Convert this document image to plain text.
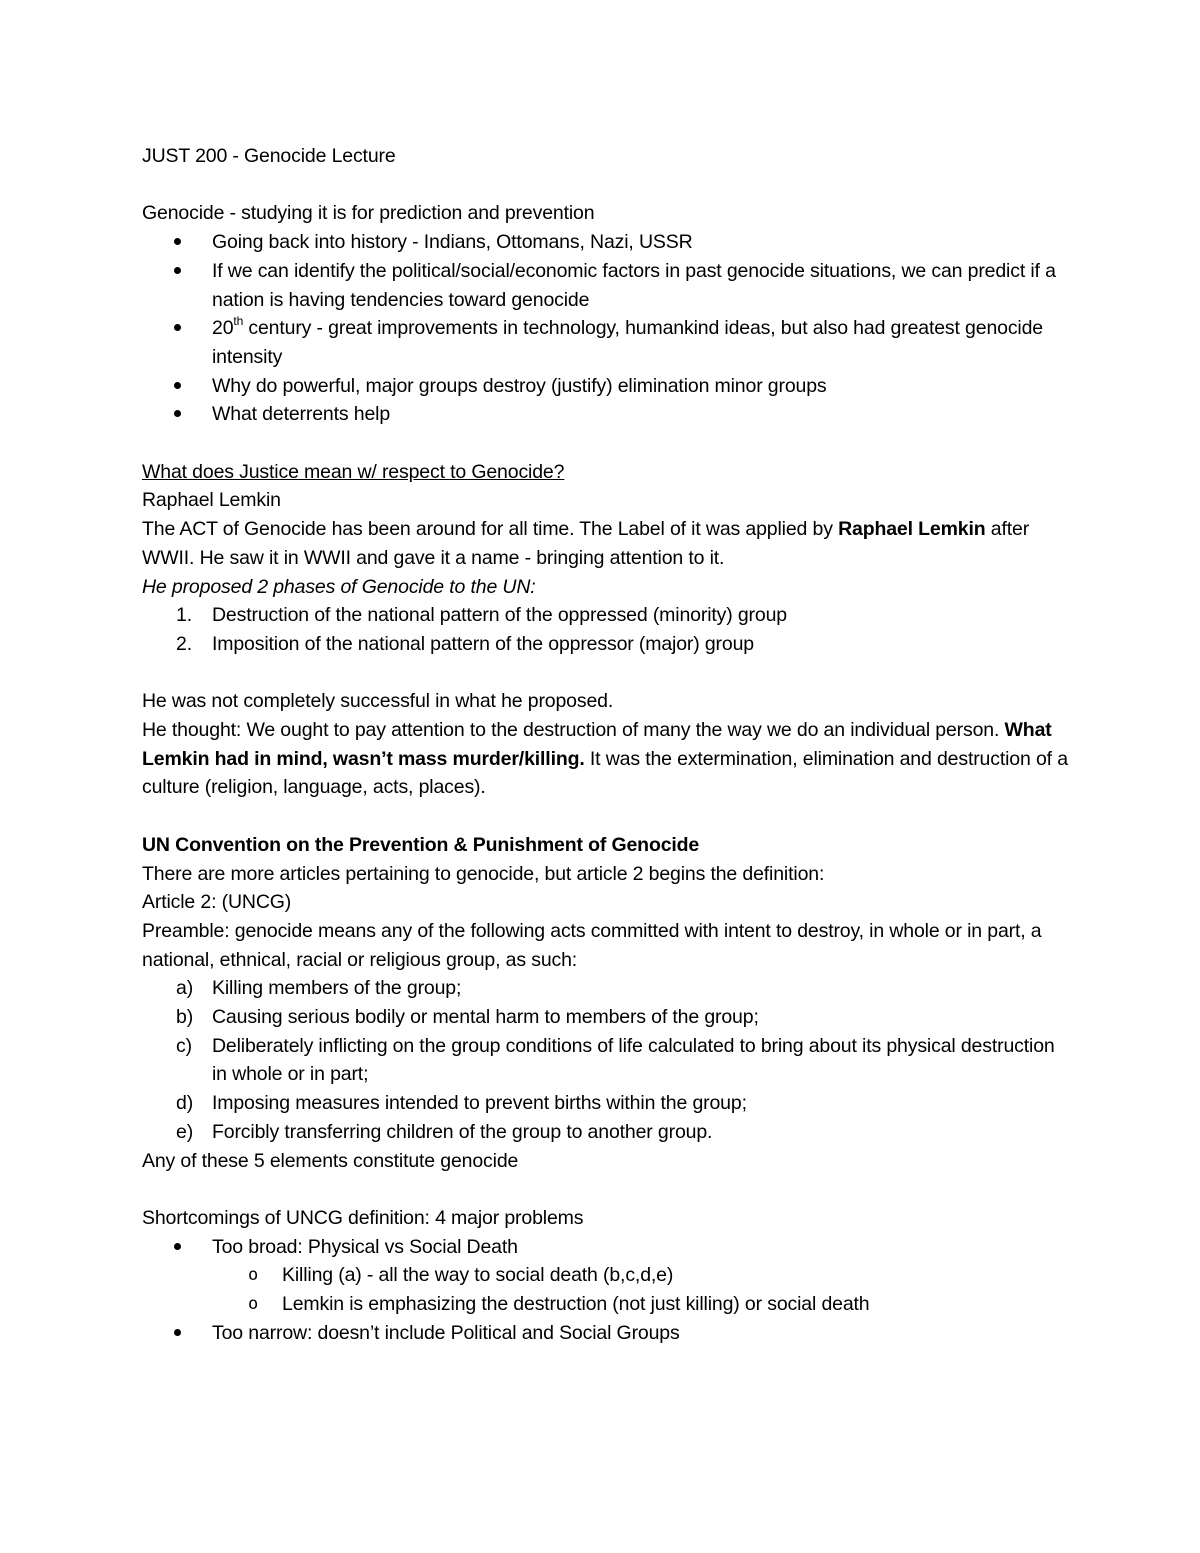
JUST 200 - Genocide Lecture

Genocide - studying it is for prediction and prevention

Going back into history - Indians, Ottomans, Nazi, USSR
If we can identify the political/social/economic factors in past genocide situations, we can predict if a nation is having tendencies toward genocide
20th century - great improvements in technology, humankind ideas, but also had greatest genocide intensity
Why do powerful, major groups destroy (justify) elimination minor groups
What deterrents help

What does Justice mean w/ respect to Genocide?

Raphael Lemkin

The ACT of Genocide has been around for all time. The Label of it was applied by Raphael Lemkin after WWII. He saw it in WWII and gave it a name - bringing attention to it.

He proposed 2 phases of Genocide to the UN:

1. Destruction of the national pattern of the oppressed (minority) group
2. Imposition of the national pattern of the oppressor (major) group

He was not completely successful in what he proposed.

He thought: We ought to pay attention to the destruction of many the way we do an individual person. What Lemkin had in mind, wasn’t mass murder/killing. It was the extermination, elimination and destruction of a culture (religion, language, acts, places).

UN Convention on the Prevention & Punishment of Genocide

There are more articles pertaining to genocide, but article 2 begins the definition:

Article 2: (UNCG)

Preamble: genocide means any of the following acts committed with intent to destroy, in whole or in part, a national, ethnical, racial or religious group, as such:

a) Killing members of the group;
b) Causing serious bodily or mental harm to members of the group;
c) Deliberately inflicting on the group conditions of life calculated to bring about its physical destruction in whole or in part;
d) Imposing measures intended to prevent births within the group;
e) Forcibly transferring children of the group to another group.

Any of these 5 elements constitute genocide

Shortcomings of UNCG definition: 4 major problems

Too broad: Physical vs Social Death
o Killing (a) - all the way to social death (b,c,d,e)
o Lemkin is emphasizing the destruction (not just killing) or social death
Too narrow: doesn’t include Political and Social Groups
